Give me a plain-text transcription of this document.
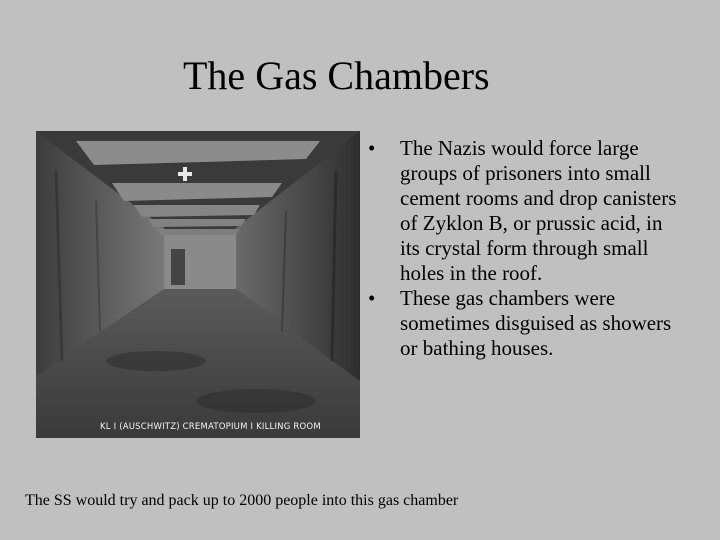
The Gas Chambers
KL I (AUSCHWITZ) CREMATOPIUM I KILLING ROOM
• The Nazis would force large groups of prisoners into small cement rooms and drop canisters of Zyklon B, or prussic acid, in its crystal form through small holes in the roof.
• These gas chambers were sometimes disguised as showers or bathing houses.
The SS would try and pack up to 2000 people into this gas chamber
